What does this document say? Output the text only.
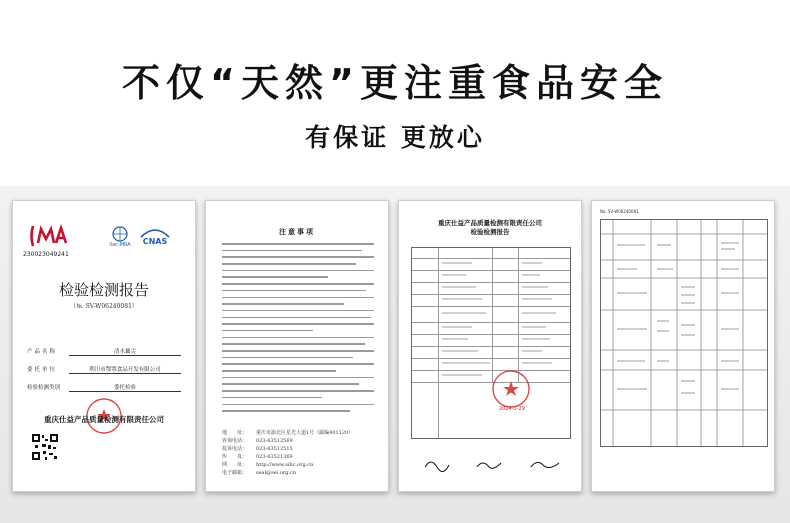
不仅“天然”更注重食品安全
有保证 更放心
230023049241
ilac-MRA CNAS
检验检测报告
（№. SV-W06240081）
产品名称	清水藕尖
委托单位	利川市鄂鄂食品开发有限公司
检验检测类别	委托检验
重庆仕益产品质量检测有限责任公司
注意事项
地　　址： 重庆市渝北区星光大道1号（邮编401120）
咨询电话： 023-63512569
投诉电话： 023-63512515
传　　真： 023-63521369
网　　址： http://www.sihc.org.cn
电子邮箱： seal@sei.org.cn
重庆仕益产品质量检测有限责任公司
检验检测报告
2024-1-29
No. SV-W06240081
